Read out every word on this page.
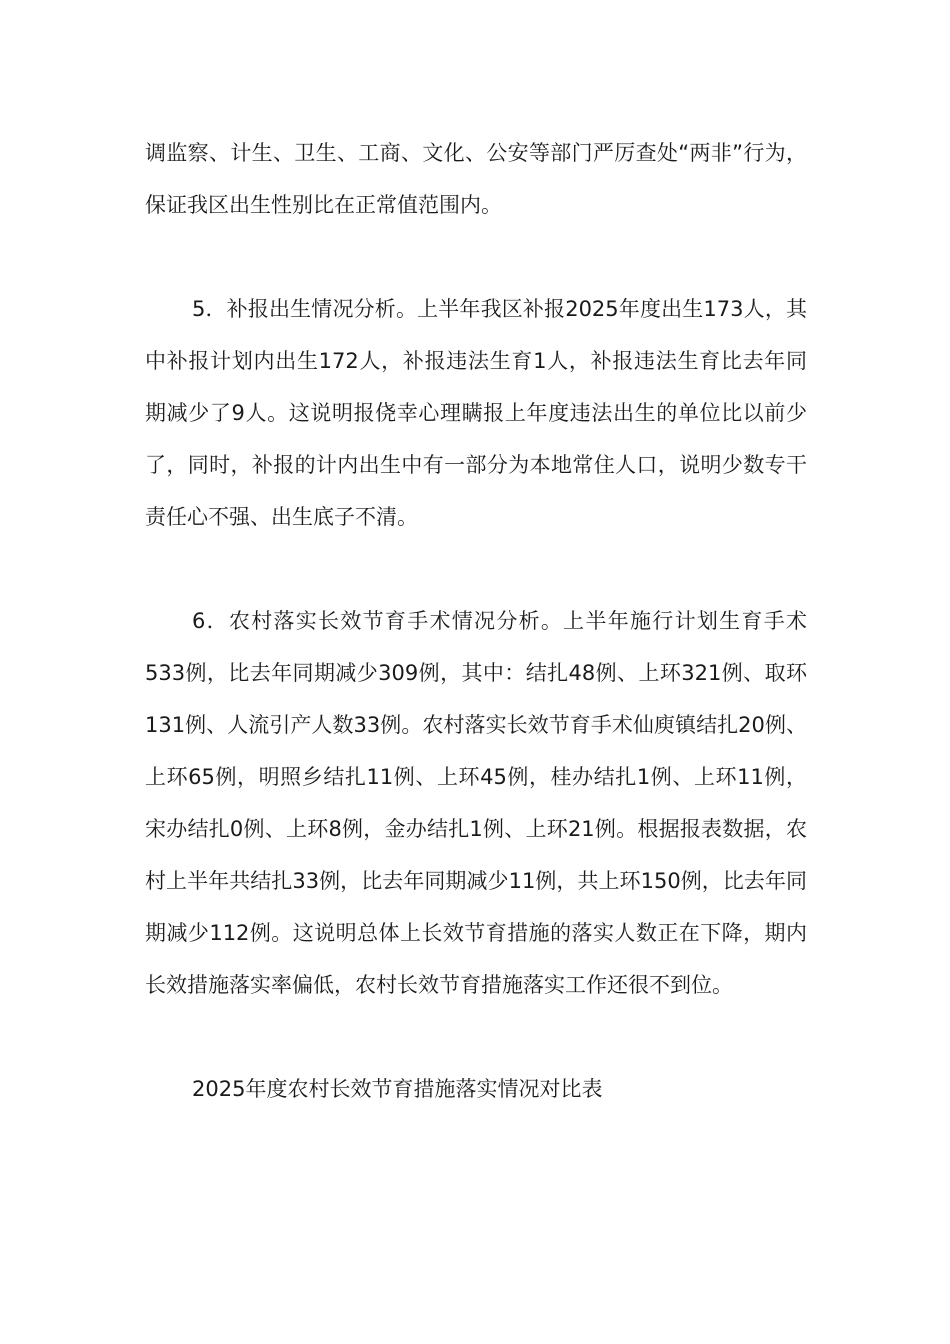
调监察、计生、卫生、工商、文化、公安等部门严厉查处“两非”行为，保证我区出生性别比在正常值范围内。

5．补报出生情况分析。上半年我区补报2025年度出生173人，其中补报计划内出生172人，补报违法生育1人，补报违法生育比去年同期减少了9人。这说明报侥幸心理瞒报上年度违法出生的单位比以前少了，同时，补报的计内出生中有一部分为本地常住人口，说明少数专干责任心不强、出生底子不清。

6．农村落实长效节育手术情况分析。上半年施行计划生育手术533例，比去年同期减少309例，其中：结扎48例、上环321例、取环131例、人流引产人数33例。农村落实长效节育手术仙庾镇结扎20例、上环65例，明照乡结扎11例、上环45例，桂办结扎1例、上环11例，宋办结扎0例、上环8例，金办结扎1例、上环21例。根据报表数据，农村上半年共结扎33例，比去年同期减少11例，共上环150例，比去年同期减少112例。这说明总体上长效节育措施的落实人数正在下降，期内长效措施落实率偏低，农村长效节育措施落实工作还很不到位。

2025年度农村长效节育措施落实情况对比表
